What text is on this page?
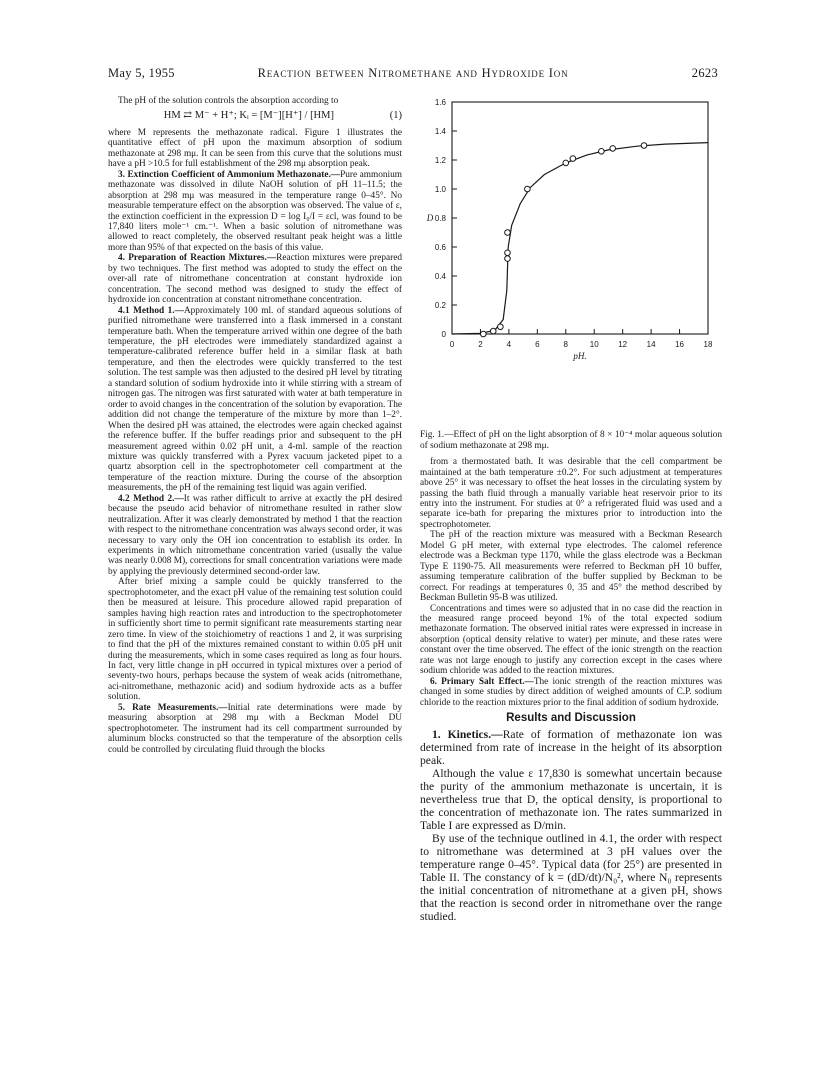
May 5, 1955	Reaction between Nitromethane and Hydroxide Ion	2623

The pH of the solution controls the absorption according to

HM ⇄ M⁻ + H⁺; Kᵢ = [M⁻][H⁺] / [HM]	(1)

where M represents the methazonate radical. Figure 1 illustrates the quantitative effect of pH upon the maximum absorption of sodium methazonate at 298 mμ. It can be seen from this curve that the solutions must have a pH >10.5 for full establishment of the 298 mμ absorption peak.

3. Extinction Coefficient of Ammonium Methazonate.—Pure ammonium methazonate was dissolved in dilute NaOH solution of pH 11–11.5; the absorption at 298 mμ was measured in the temperature range 0–45°. No measurable temperature effect on the absorption was observed. The value of ε, the extinction coefficient in the expression D = log I₀/I = εcl, was found to be 17,840 liters mole⁻¹ cm.⁻¹. When a basic solution of nitromethane was allowed to react completely, the observed resultant peak height was a little more than 95% of that expected on the basis of this value.

4. Preparation of Reaction Mixtures.—Reaction mixtures were prepared by two techniques. The first method was adopted to study the effect on the over-all rate of nitromethane concentration at constant hydroxide ion concentration. The second method was designed to study the effect of hydroxide ion concentration at constant nitromethane concentration.

4.1 Method 1.—Approximately 100 ml. of standard aqueous solutions of purified nitromethane were transferred into a flask immersed in a constant temperature bath. When the temperature arrived within one degree of the bath temperature, the pH electrodes were immediately standardized against a temperature-calibrated reference buffer held in a similar flask at bath temperature, and then the electrodes were quickly transferred to the test solution. The test sample was then adjusted to the desired pH level by titrating a standard solution of sodium hydroxide into it while stirring with a stream of nitrogen gas. The nitrogen was first saturated with water at bath temperature in order to avoid changes in the concentration of the solution by evaporation. The addition did not change the temperature of the mixture by more than 1–2°. When the desired pH was attained, the electrodes were again checked against the reference buffer. If the buffer readings prior and subsequent to the pH measurement agreed within 0.02 pH unit, a 4-ml. sample of the reaction mixture was quickly transferred with a Pyrex vacuum jacketed pipet to a quartz absorption cell in the spectrophotometer cell compartment at the temperature of the reaction mixture. During the course of the absorption measurements, the pH of the remaining test liquid was again verified.

4.2 Method 2.—It was rather difficult to arrive at exactly the pH desired because the pseudo acid behavior of nitromethane resulted in rather slow neutralization. After it was clearly demonstrated by method 1 that the reaction with respect to the nitromethane concentration was always second order, it was necessary to vary only the OH ion concentration to establish its order. In experiments in which nitromethane concentration varied (usually the value was nearly 0.008 M), corrections for small concentration variations were made by applying the previously determined second-order law.

After brief mixing a sample could be quickly transferred to the spectrophotometer, and the exact pH value of the remaining test solution could then be measured at leisure. This procedure allowed rapid preparation of samples having high reaction rates and introduction to the spectrophotometer in sufficiently short time to permit significant rate measurements starting near zero time. In view of the stoichiometry of reactions 1 and 2, it was surprising to find that the pH of the mixtures remained constant to within 0.05 pH unit during the measurements, which in some cases required as long as four hours. In fact, very little change in pH occurred in typical mixtures over a period of seventy-two hours, perhaps because the system of weak acids (nitromethane, aci-nitromethane, methazonic acid) and sodium hydroxide acts as a buffer solution.

5. Rate Measurements.—Initial rate determinations were made by measuring absorption at 298 mμ with a Beckman Model DU spectrophotometer. The instrument had its cell compartment surrounded by aluminum blocks constructed so that the temperature of the absorption cells could be controlled by circulating fluid through the blocks

0.2
0.4
0.6
0.8
1.0
1.2
1.4
1.6
0
0	2	4	6	8	10 12 14 16 18
pH.
D
Fig. 1.—Effect of pH on the light absorption of 8 × 10⁻⁴ molar aqueous solution of sodium methazonate at 298 mμ.

from a thermostated bath. It was desirable that the cell compartment be maintained at the bath temperature ±0.2°. For such adjustment at temperatures above 25° it was necessary to offset the heat losses in the circulating system by passing the bath fluid through a manually variable heat reservoir prior to its entry into the instrument. For studies at 0° a refrigerated fluid was used and a separate ice-bath for preparing the mixtures prior to introduction into the spectrophotometer.

The pH of the reaction mixture was measured with a Beckman Research Model G pH meter, with external type electrodes. The calomel reference electrode was a Beckman type 1170, while the glass electrode was a Beckman Type E 1190-75. All measurements were referred to Beckman pH 10 buffer, assuming temperature calibration of the buffer supplied by Beckman to be correct. For readings at temperatures 0, 35 and 45° the method described by Beckman Bulletin 95-B was utilized.

Concentrations and times were so adjusted that in no case did the reaction in the measured range proceed beyond 1% of the total expected sodium methazonate formation. The observed initial rates were expressed in increase in absorption (optical density relative to water) per minute, and these rates were constant over the time observed. The effect of the ionic strength on the reaction rate was not large enough to justify any correction except in the cases where sodium chloride was added to the reaction mixtures.

6. Primary Salt Effect.—The ionic strength of the reaction mixtures was changed in some studies by direct addition of weighed amounts of C.P. sodium chloride to the reaction mixtures prior to the final addition of sodium hydroxide.

Results and Discussion

1. Kinetics.—Rate of formation of methazonate ion was determined from rate of increase in the height of its absorption peak.

Although the value ε 17,830 is somewhat uncertain because the purity of the ammonium methazonate is uncertain, it is nevertheless true that D, the optical density, is proportional to the concentration of methazonate ion. The rates summarized in Table I are expressed as D/min.

By use of the technique outlined in 4.1, the order with respect to nitromethane was determined at 3 pH values over the temperature range 0–45°. Typical data (for 25°) are presented in Table II. The constancy of k = (dD/dt)/N₀², where N₀ represents the initial concentration of nitromethane at a given pH, shows that the reaction is second order in nitromethane over the range studied.
